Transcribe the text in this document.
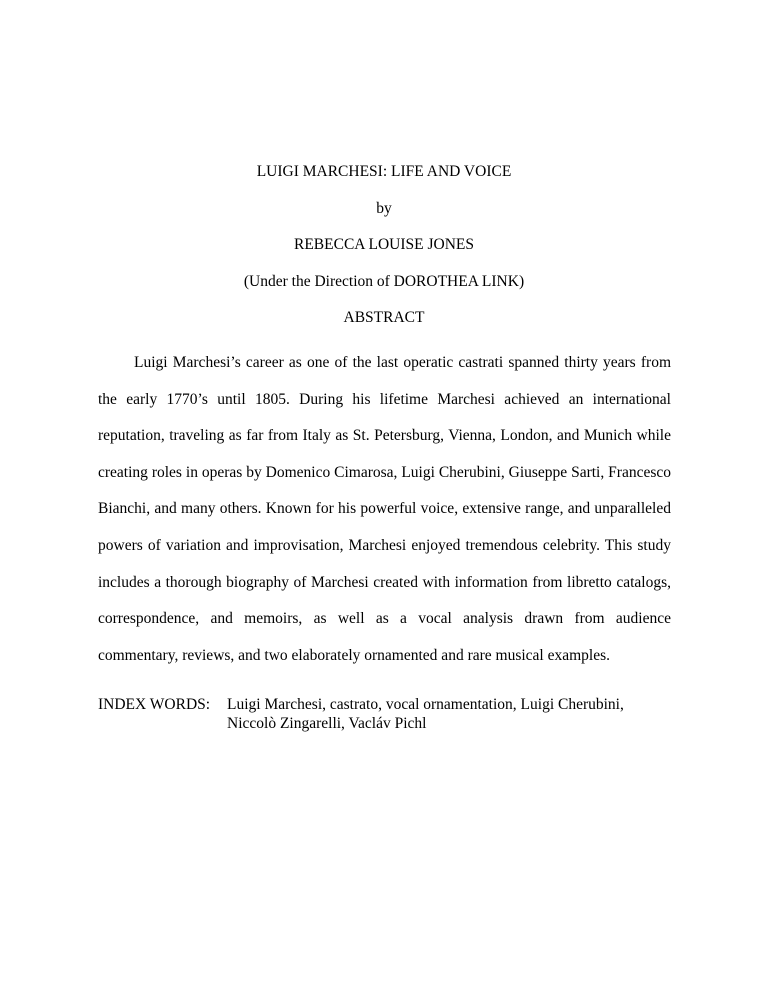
LUIGI MARCHESI: LIFE AND VOICE
by
REBECCA LOUISE JONES
(Under the Direction of DOROTHEA LINK)
ABSTRACT

Luigi Marchesi’s career as one of the last operatic castrati spanned thirty years from the early 1770’s until 1805. During his lifetime Marchesi achieved an international reputation, traveling as far from Italy as St. Petersburg, Vienna, London, and Munich while creating roles in operas by Domenico Cimarosa, Luigi Cherubini, Giuseppe Sarti, Francesco Bianchi, and many others. Known for his powerful voice, extensive range, and unparalleled powers of variation and improvisation, Marchesi enjoyed tremendous celebrity. This study includes a thorough biography of Marchesi created with information from libretto catalogs, correspondence, and memoirs, as well as a vocal analysis drawn from audience commentary, reviews, and two elaborately ornamented and rare musical examples.

INDEX WORDS:	Luigi Marchesi, castrato, vocal ornamentation, Luigi Cherubini, Niccolò Zingarelli, Vacláv Pichl
